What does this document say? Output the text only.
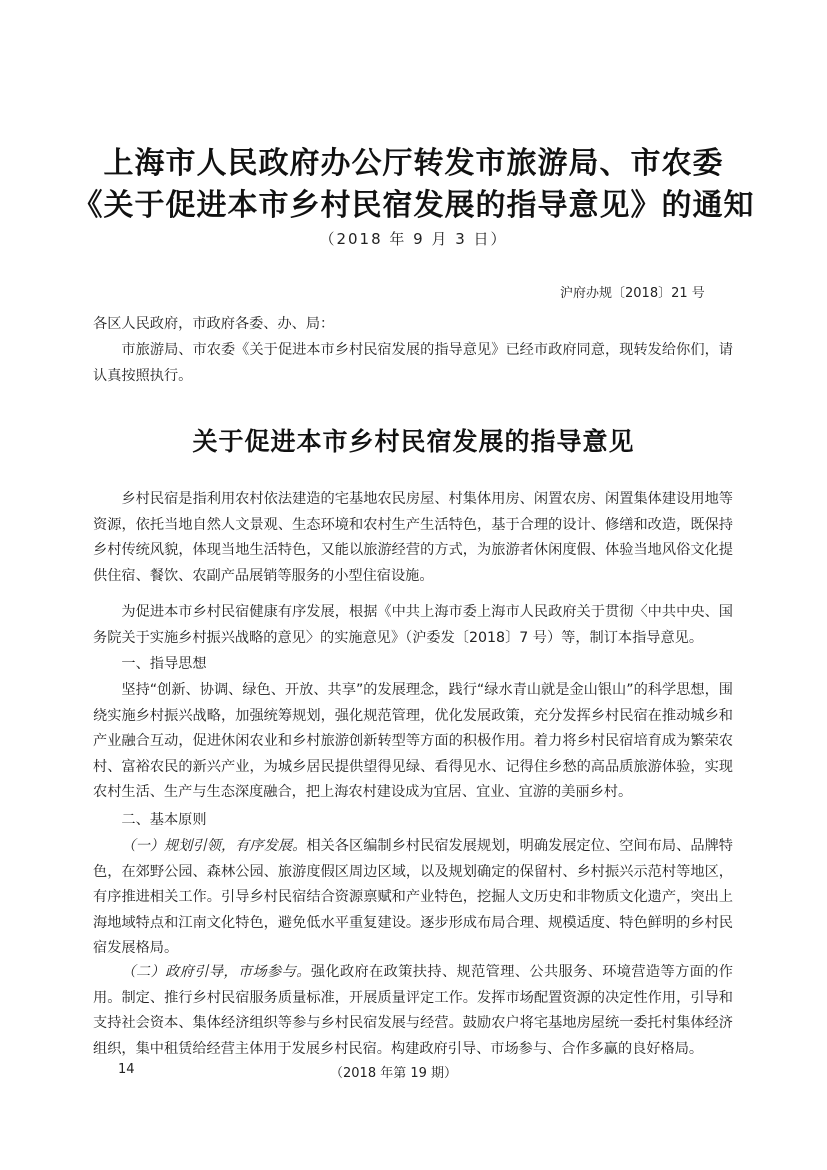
上海市人民政府办公厅转发市旅游局、市农委
《关于促进本市乡村民宿发展的指导意见》的通知
（2018 年 9 月 3 日）
沪府办规〔2018〕21 号
各区人民政府，市政府各委、办、局：
市旅游局、市农委《关于促进本市乡村民宿发展的指导意见》已经市政府同意，现转发给你们，请认真按照执行。
关于促进本市乡村民宿发展的指导意见
乡村民宿是指利用农村依法建造的宅基地农民房屋、村集体用房、闲置农房、闲置集体建设用地等资源，依托当地自然人文景观、生态环境和农村生产生活特色，基于合理的设计、修缮和改造，既保持乡村传统风貌，体现当地生活特色，又能以旅游经营的方式，为旅游者休闲度假、体验当地风俗文化提供住宿、餐饮、农副产品展销等服务的小型住宿设施。
为促进本市乡村民宿健康有序发展，根据《中共上海市委上海市人民政府关于贯彻〈中共中央、国务院关于实施乡村振兴战略的意见〉的实施意见》（沪委发〔2018〕7 号）等，制订本指导意见。
一、指导思想
坚持“创新、协调、绿色、开放、共享”的发展理念，践行“绿水青山就是金山银山”的科学思想，围绕实施乡村振兴战略，加强统筹规划，强化规范管理，优化发展政策，充分发挥乡村民宿在推动城乡和产业融合互动，促进休闲农业和乡村旅游创新转型等方面的积极作用。着力将乡村民宿培育成为繁荣农村、富裕农民的新兴产业，为城乡居民提供望得见绿、看得见水、记得住乡愁的高品质旅游体验，实现农村生活、生产与生态深度融合，把上海农村建设成为宜居、宜业、宜游的美丽乡村。
二、基本原则
（一）规划引领，有序发展。相关各区编制乡村民宿发展规划，明确发展定位、空间布局、品牌特色，在郊野公园、森林公园、旅游度假区周边区域，以及规划确定的保留村、乡村振兴示范村等地区，有序推进相关工作。引导乡村民宿结合资源禀赋和产业特色，挖掘人文历史和非物质文化遗产，突出上海地域特点和江南文化特色，避免低水平重复建设。逐步形成布局合理、规模适度、特色鲜明的乡村民宿发展格局。
（二）政府引导，市场参与。强化政府在政策扶持、规范管理、公共服务、环境营造等方面的作用。制定、推行乡村民宿服务质量标准，开展质量评定工作。发挥市场配置资源的决定性作用，引导和支持社会资本、集体经济组织等参与乡村民宿发展与经营。鼓励农户将宅基地房屋统一委托村集体经济组织，集中租赁给经营主体用于发展乡村民宿。构建政府引导、市场参与、合作多赢的良好格局。
14	（2018 年第 19 期）
